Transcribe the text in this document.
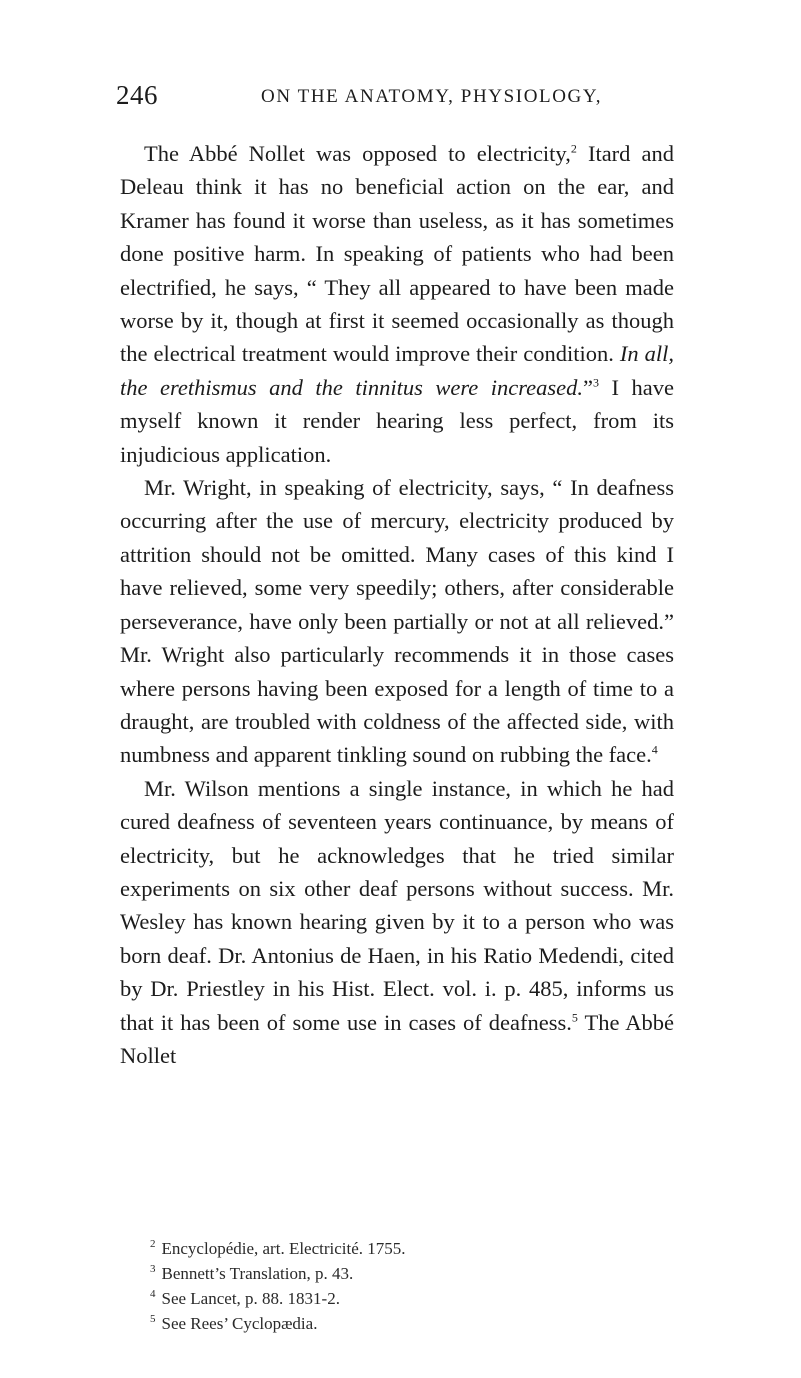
246	ON THE ANATOMY, PHYSIOLOGY,

The Abbé Nollet was opposed to electricity,$^2$ Itard and Deleau think it has no beneficial action on the ear, and Kramer has found it worse than useless, as it has sometimes done positive harm. In speaking of patients who had been electrified, he says, “ They all appeared to have been made worse by it, though at first it seemed occasionally as though the electrical treatment would improve their condition. In all, the erethismus and the tinnitus were increased.”$^3$ I have myself known it render hearing less perfect, from its injudicious application.

Mr. Wright, in speaking of electricity, says, “ In deafness occurring after the use of mercury, electricity produced by attrition should not be omitted. Many cases of this kind I have relieved, some very speedily; others, after considerable perseverance, have only been partially or not at all relieved.” Mr. Wright also particularly recommends it in those cases where persons having been exposed for a length of time to a draught, are troubled with coldness of the affected side, with numbness and apparent tinkling sound on rubbing the face.$^4$

Mr. Wilson mentions a single instance, in which he had cured deafness of seventeen years continuance, by means of electricity, but he acknowledges that he tried similar experiments on six other deaf persons without success. Mr. Wesley has known hearing given by it to a person who was born deaf. Dr. Antonius de Haen, in his Ratio Medendi, cited by Dr. Priestley in his Hist. Elect. vol. i. p. 485, informs us that it has been of some use in cases of deafness.$^5$ The Abbé Nollet

$^2$ Encyclopédie, art. Electricité. 1755.

$^3$ Bennett’s Translation, p. 43.

$^4$ See Lancet, p. 88. 1831-2.

$^5$ See Rees’ Cyclopædia.
